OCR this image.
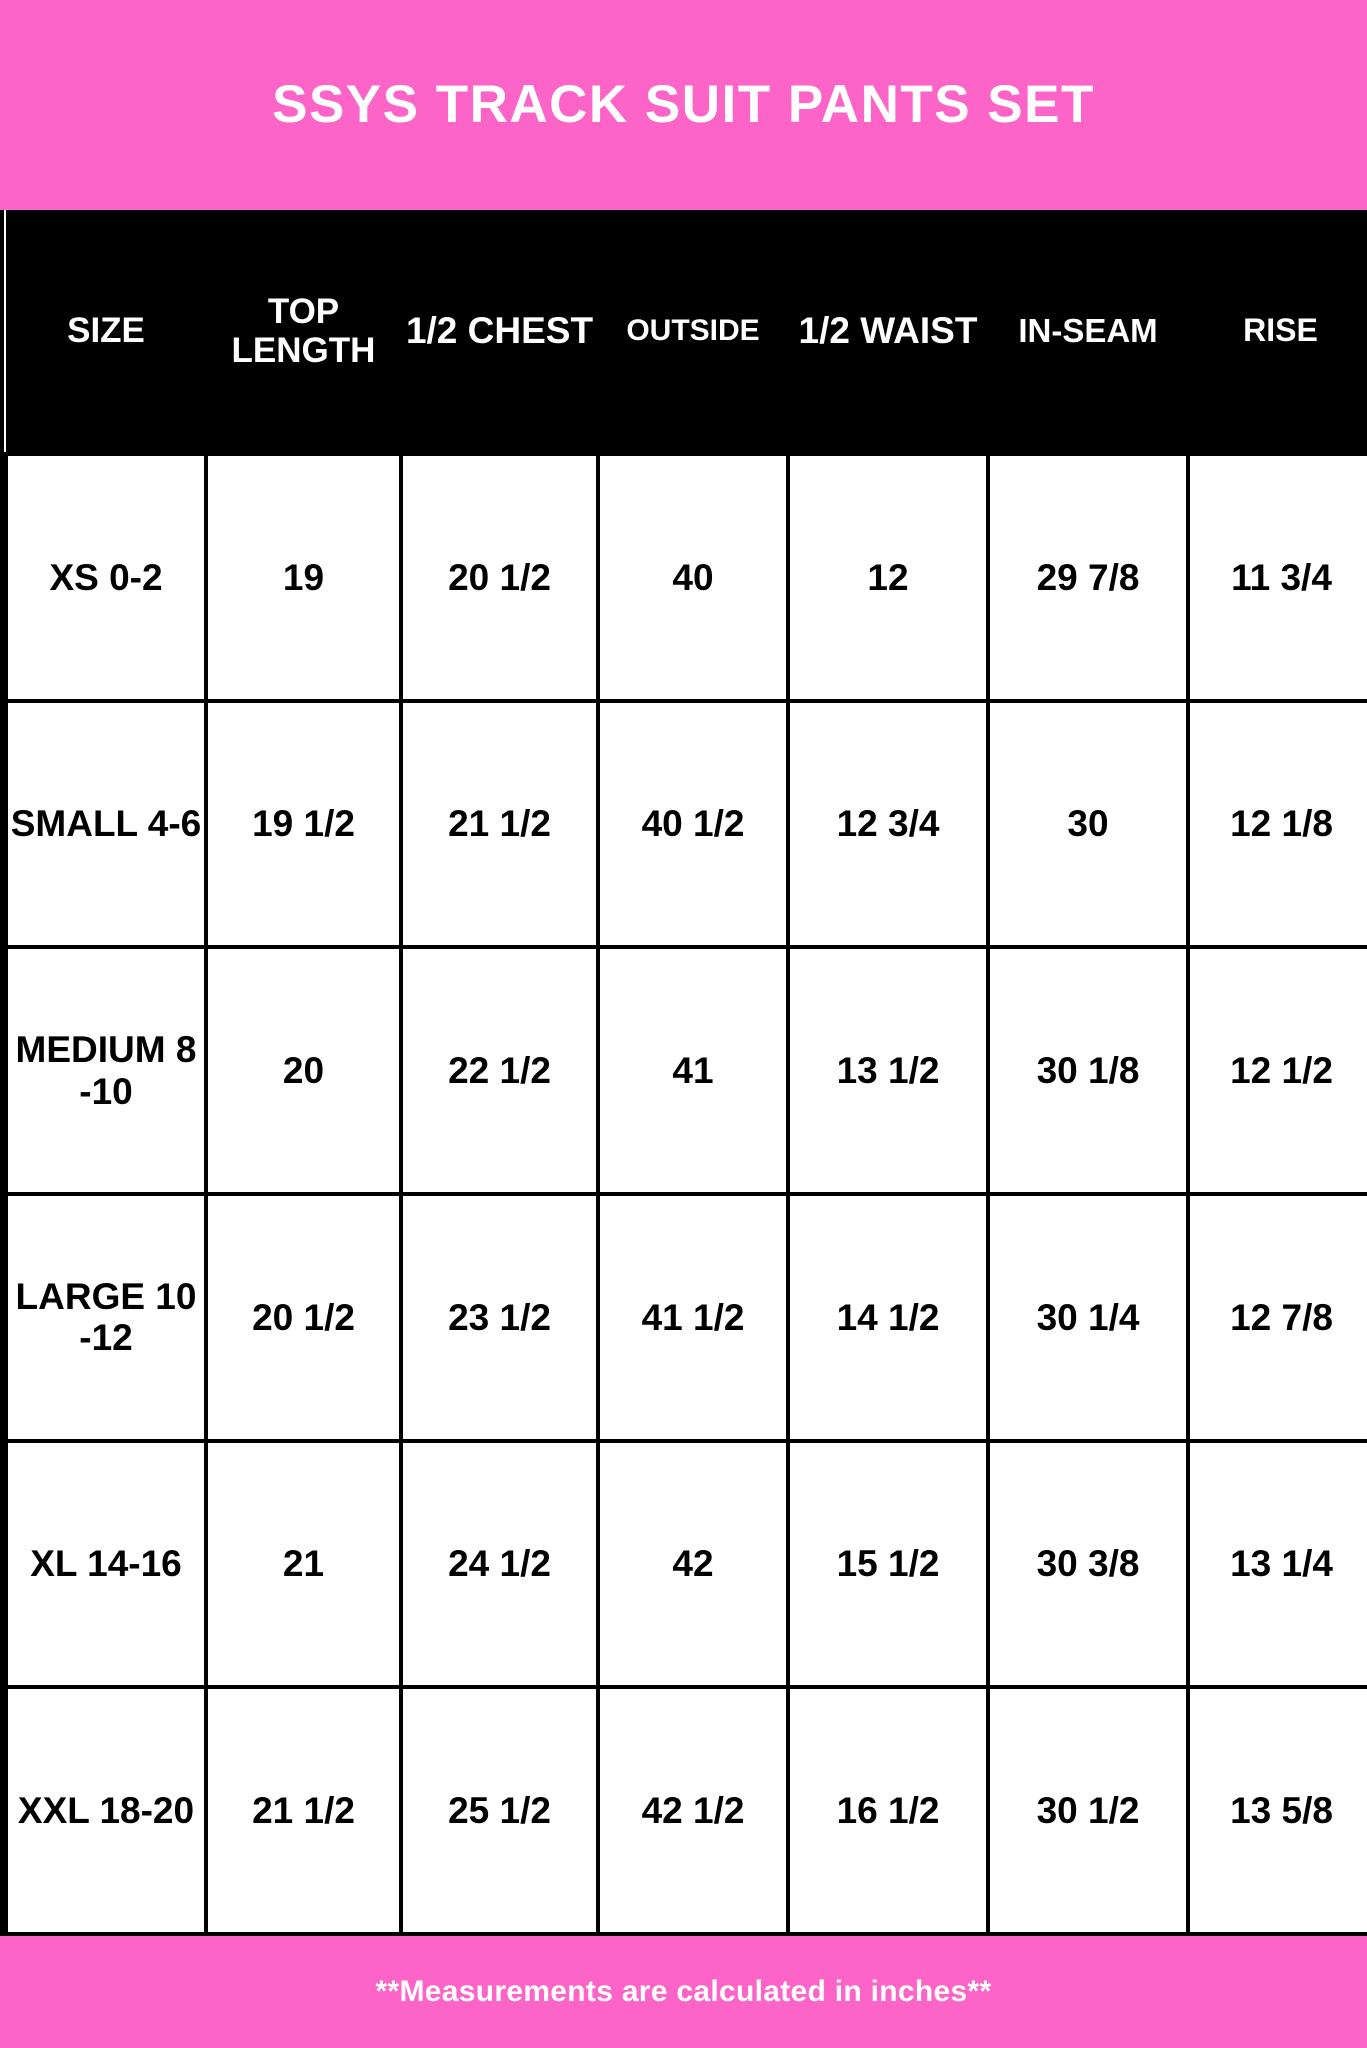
SSYS TRACK SUIT PANTS SET
SIZE	TOP LENGTH	1/2 CHEST	OUTSIDE	1/2 WAIST	IN-SEAM	RISE
XS 0-2	19	20 1/2	40	12	29 7/8	11 3/4
SMALL 4-6	19 1/2	21 1/2	40 1/2	12 3/4	30	12 1/8
MEDIUM 8-10	20	22 1/2	41	13 1/2	30 1/8	12 1/2
LARGE 10-12	20 1/2	23 1/2	41 1/2	14 1/2	30 1/4	12 7/8
XL 14-16	21	24 1/2	42	15 1/2	30 3/8	13 1/4
XXL 18-20	21 1/2	25 1/2	42 1/2	16 1/2	30 1/2	13 5/8
**Measurements are calculated in inches**
